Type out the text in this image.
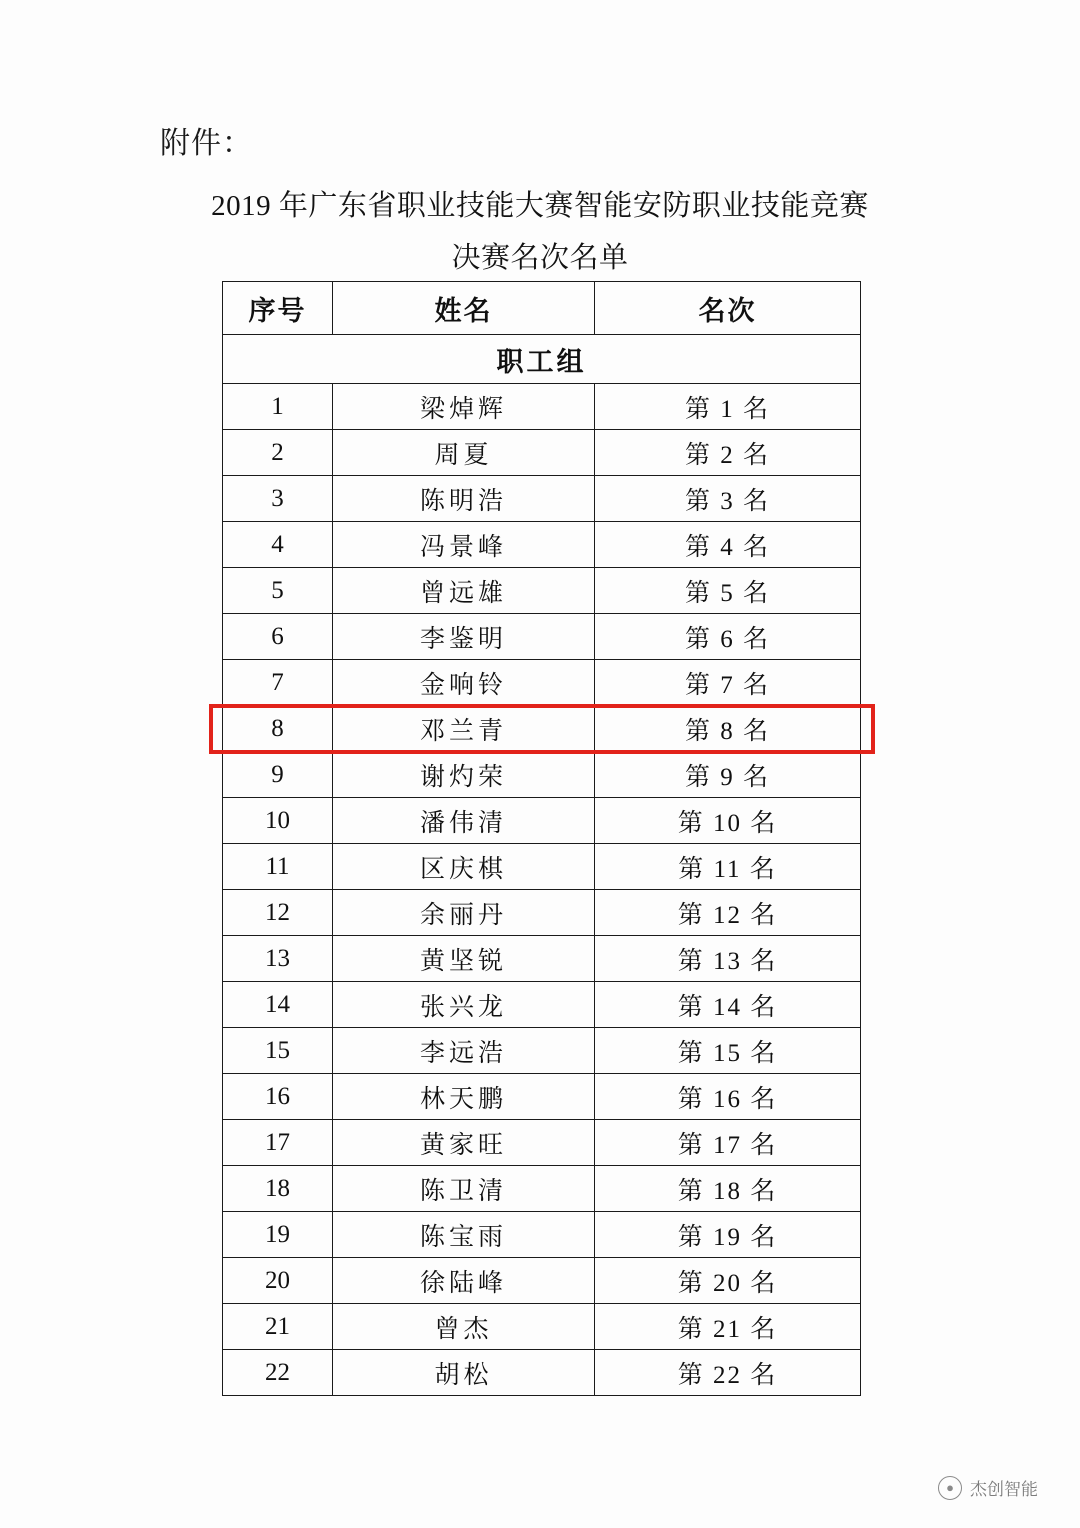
附件：
2019 年广东省职业技能大赛智能安防职业技能竞赛
决赛名次名单
序号	姓名	名次
职工组		
1	梁焯辉	第 1 名
2	周夏	第 2 名
3	陈明浩	第 3 名
4	冯景峰	第 4 名
5	曾远雄	第 5 名
6	李鉴明	第 6 名
7	金响铃	第 7 名
8	邓兰青	第 8 名
9	谢灼荣	第 9 名
10	潘伟清	第 10 名
11	区庆棋	第 11 名
12	余丽丹	第 12 名
13	黄坚锐	第 13 名
14	张兴龙	第 14 名
15	李远浩	第 15 名
16	林天鹏	第 16 名
17	黄家旺	第 17 名
18	陈卫清	第 18 名
19	陈宝雨	第 19 名
20	徐陆峰	第 20 名
21	曾杰	第 21 名
22	胡松	第 22 名
● 杰创智能
